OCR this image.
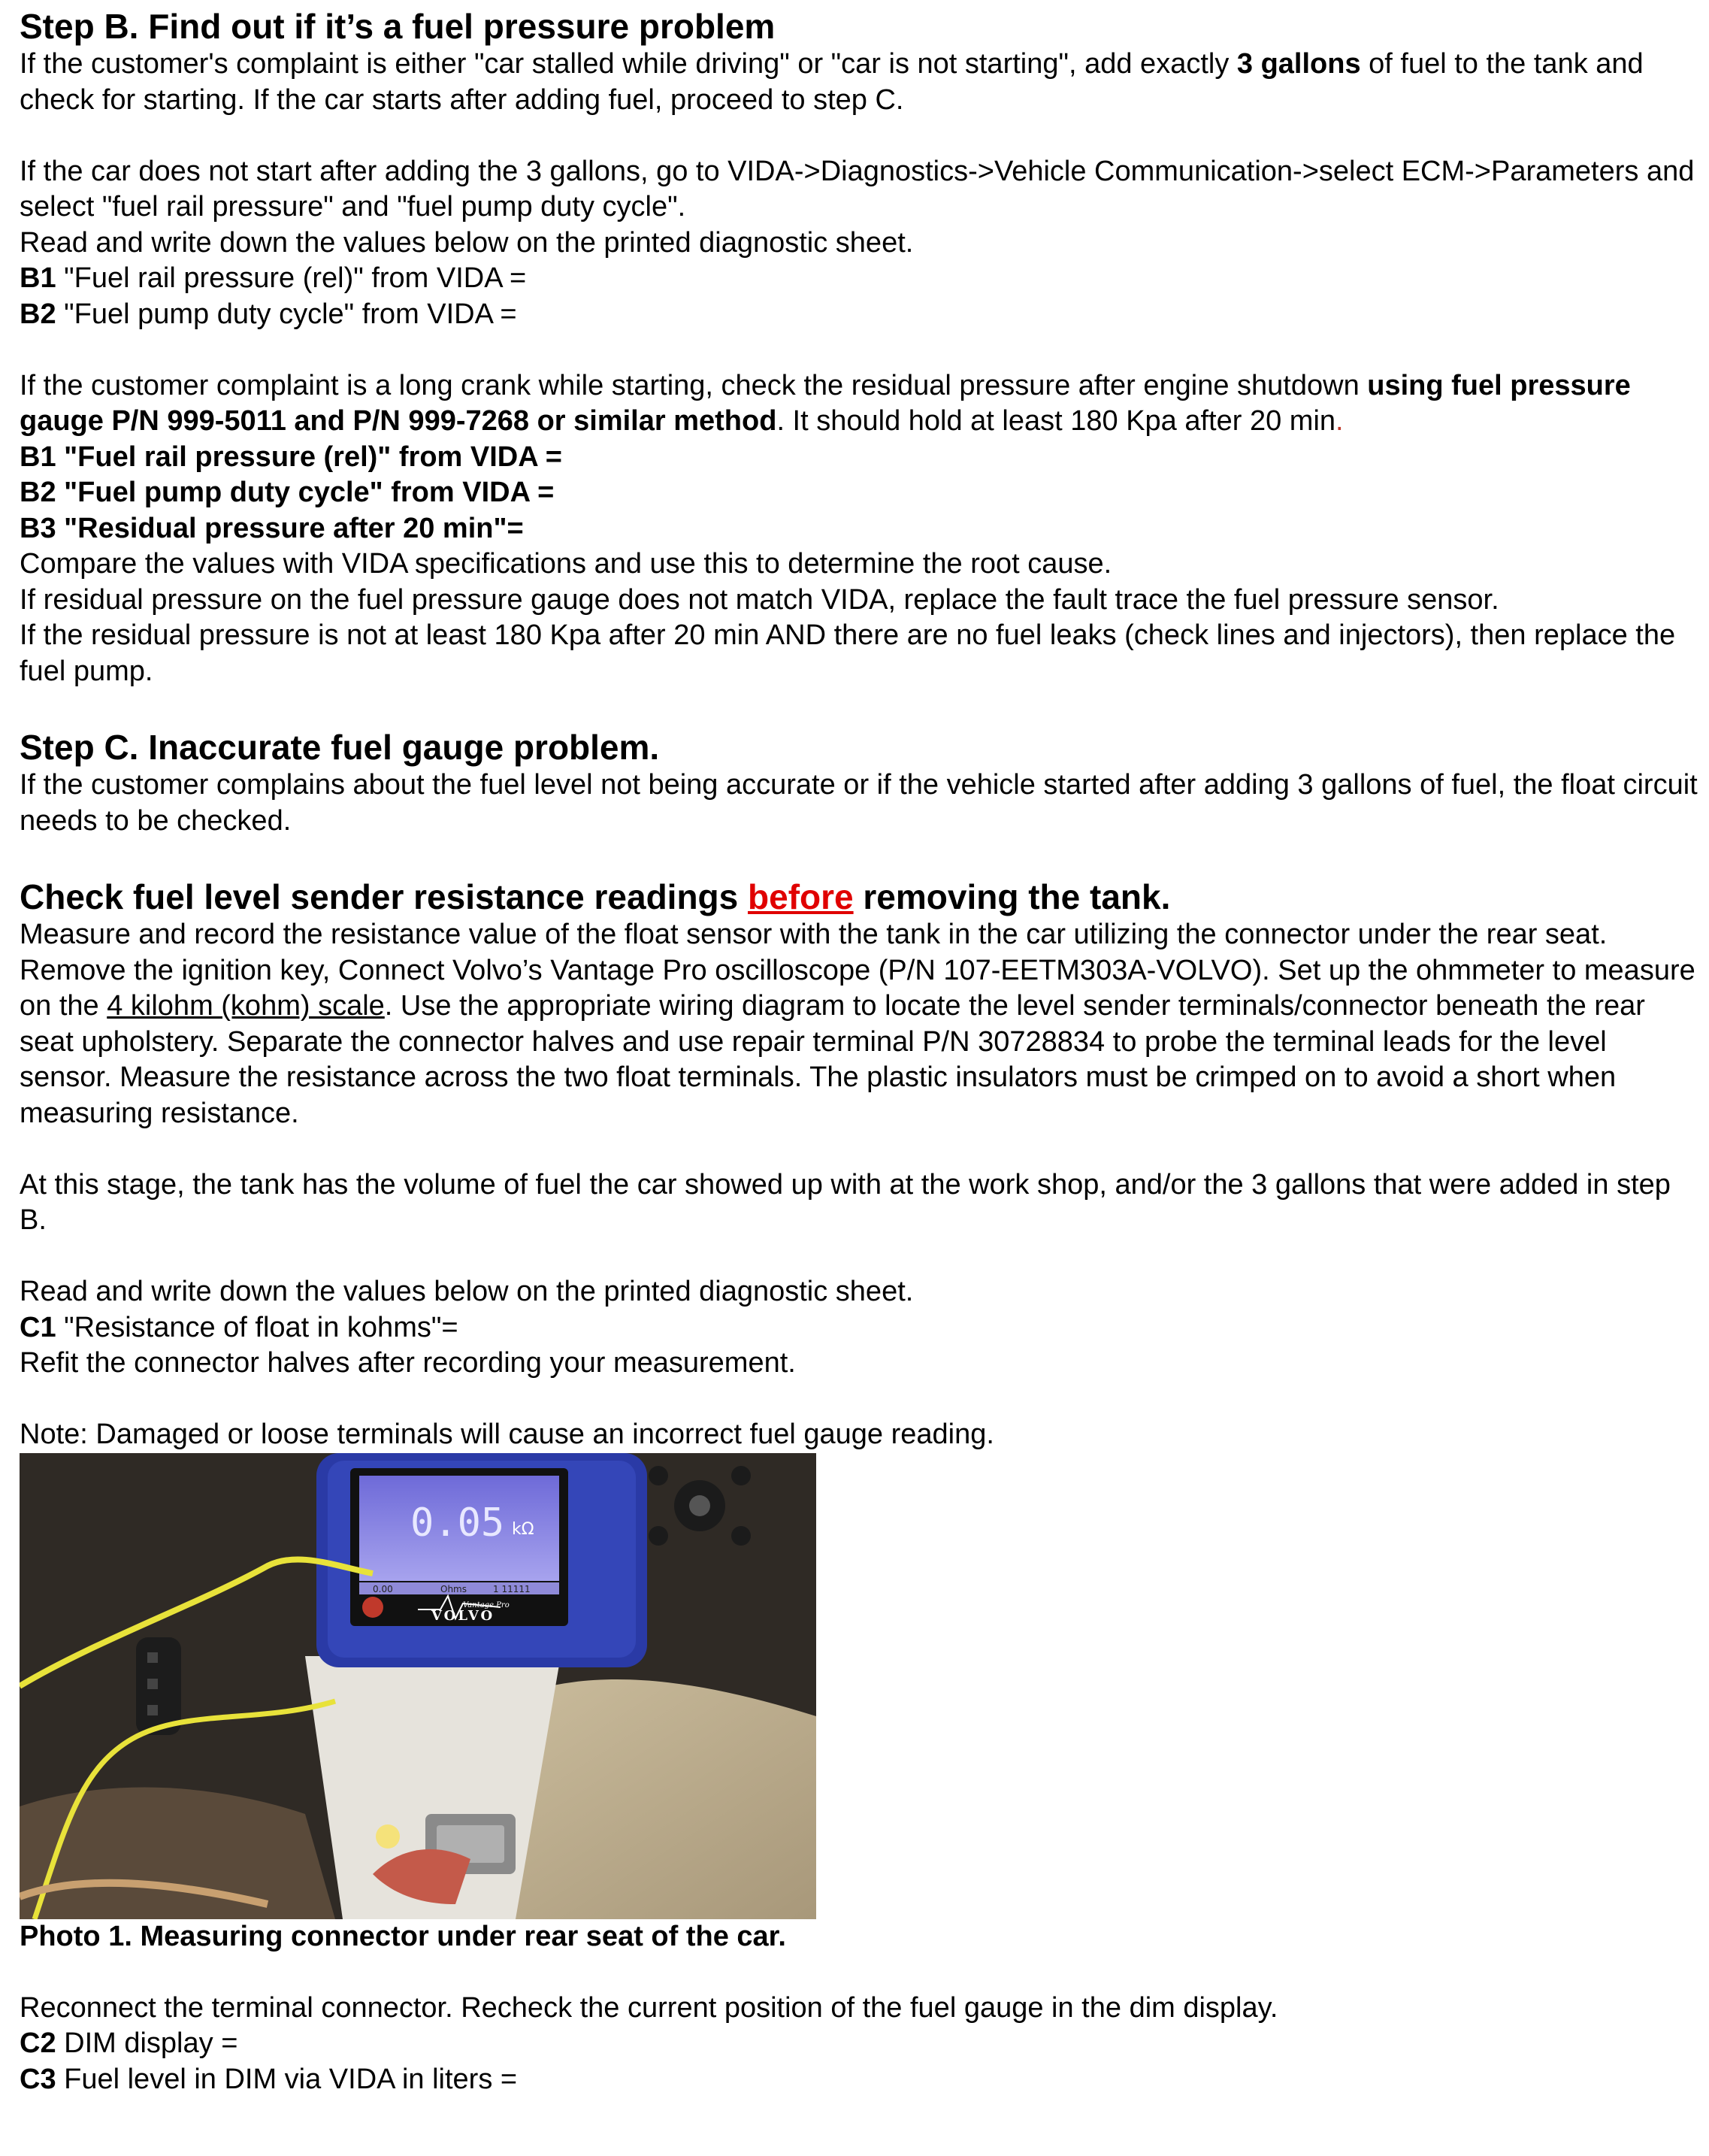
Step B. Find out if it’s a fuel pressure problem

If the customer's complaint is either "car stalled while driving" or "car is not starting", add exactly 3 gallons of fuel to the tank and check for starting. If the car starts after adding fuel, proceed to step C.

If the car does not start after adding the 3 gallons, go to VIDA->Diagnostics->Vehicle Communication->select ECM->Parameters and select "fuel rail pressure" and "fuel pump duty cycle".

Read and write down the values below on the printed diagnostic sheet.

B1 "Fuel rail pressure (rel)" from VIDA =

B2 "Fuel pump duty cycle" from VIDA =

If the customer complaint is a long crank while starting, check the residual pressure after engine shutdown using fuel pressure gauge P/N 999-5011 and P/N 999-7268 or similar method. It should hold at least 180 Kpa after 20 min.

B1 "Fuel rail pressure (rel)" from VIDA =

B2 "Fuel pump duty cycle" from VIDA =

B3 "Residual pressure after 20 min"=

Compare the values with VIDA specifications and use this to determine the root cause.

If residual pressure on the fuel pressure gauge does not match VIDA, replace the fault trace the fuel pressure sensor.

If the residual pressure is not at least 180 Kpa after 20 min AND there are no fuel leaks (check lines and injectors), then replace the fuel pump.

Step C. Inaccurate fuel gauge problem.

If the customer complains about the fuel level not being accurate or if the vehicle started after adding 3 gallons of fuel, the float circuit needs to be checked.

Check fuel level sender resistance readings before removing the tank.

Measure and record the resistance value of the float sensor with the tank in the car utilizing the connector under the rear seat.

Remove the ignition key, Connect Volvo’s Vantage Pro oscilloscope (P/N 107-EETM303A-VOLVO). Set up the ohmmeter to measure on the 4 kilohm (kohm) scale. Use the appropriate wiring diagram to locate the level sender terminals/connector beneath the rear seat upholstery. Separate the connector halves and use repair terminal P/N 30728834 to probe the terminal leads for the level sensor. Measure the resistance across the two float terminals. The plastic insulators must be crimped on to avoid a short when measuring resistance.

At this stage, the tank has the volume of fuel the car showed up with at the work shop, and/or the 3 gallons that were added in step B.

Read and write down the values below on the printed diagnostic sheet.

C1 "Resistance of float in kohms"=

Refit the connector halves after recording your measurement.

Note: Damaged or loose terminals will cause an incorrect fuel gauge reading.

0.05 kΩ
0.00	Ohms	1 11111
Vantage Pro
VOLVO

Photo 1. Measuring connector under rear seat of the car.

Reconnect the terminal connector. Recheck the current position of the fuel gauge in the dim display.

C2 DIM display =

C3 Fuel level in DIM via VIDA in liters =
